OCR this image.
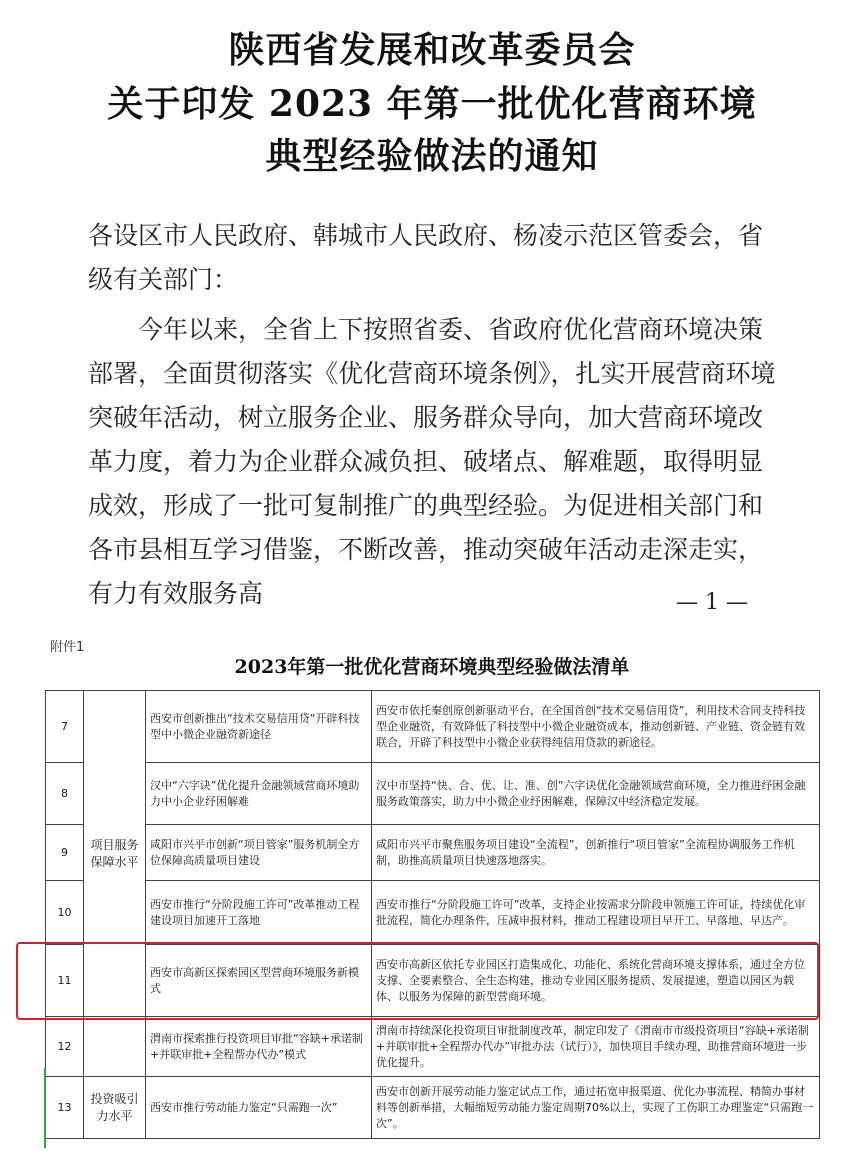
陕西省发展和改革委员会
关于印发 2023 年第一批优化营商环境
典型经验做法的通知
各设区市人民政府、韩城市人民政府、杨凌示范区管委会，省级有关部门：
今年以来，全省上下按照省委、省政府优化营商环境决策部署，全面贯彻落实《优化营商环境条例》，扎实开展营商环境突破年活动，树立服务企业、服务群众导向，加大营商环境改革力度，着力为企业群众减负担、破堵点、解难题，取得明显成效，形成了一批可复制推广的典型经验。为促进相关部门和各市县相互学习借鉴，不断改善，推动突破年活动走深走实，有力有效服务高	— 1 —
附件1
2023年第一批优化营商环境典型经验做法清单
7	项目服务保障水平	西安市创新推出“技术交易信用贷”开辟科技型中小微企业融资新途径	西安市依托秦创原创新驱动平台，在全国首创“技术交易信用贷”，利用技术合同支持科技型企业融资，有效降低了科技型中小微企业融资成本，推动创新链、产业链、资金链有效联合，开辟了科技型中小微企业获得纯信用贷款的新途径。
8		汉中“六字诀”优化提升金融领域营商环境助力中小企业纾困解难	汉中市坚持“快、合、优、让、准、创”六字诀优化金融领域营商环境，全力推进纾困金融服务政策落实，助力中小微企业纾困解难，保障汉中经济稳定发展。
9		咸阳市兴平市创新“项目管家”服务机制全方位保障高质量项目建设	咸阳市兴平市聚焦服务项目建设“全流程”，创新推行“项目管家”全流程协调服务工作机制，助推高质量项目快速落地落实。
10		西安市推行“分阶段施工许可”改革推动工程建设项目加速开工落地	西安市推行“分阶段施工许可”改革，支持企业按需求分阶段申领施工许可证，持续优化审批流程，简化办理条件，压减申报材料，推动工程建设项目早开工、早落地、早达产。
11		西安市高新区探索园区型营商环境服务新模式	西安市高新区依托专业园区打造集成化、功能化、系统化营商环境支撑体系，通过全方位支撑、全要素整合、全生态构建，推动专业园区服务提质、发展提速，塑造以园区为载体、以服务为保障的新型营商环境。
12		渭南市探索推行投资项目审批“容缺+承诺制+并联审批+全程帮办代办”模式	渭南市持续深化投资项目审批制度改革，制定印发了《渭南市市级投资项目“容缺+承诺制+并联审批+全程帮办代办”审批办法（试行）》，加快项目手续办理，助推营商环境进一步优化提升。
13	投资吸引力水平	西安市推行劳动能力鉴定“只需跑一次”	西安市创新开展劳动能力鉴定试点工作，通过拓宽申报渠道、优化办事流程、精简办事材料等创新举措，大幅缩短劳动能力鉴定周期70%以上，实现了工伤职工办理鉴定“只需跑一次”。
